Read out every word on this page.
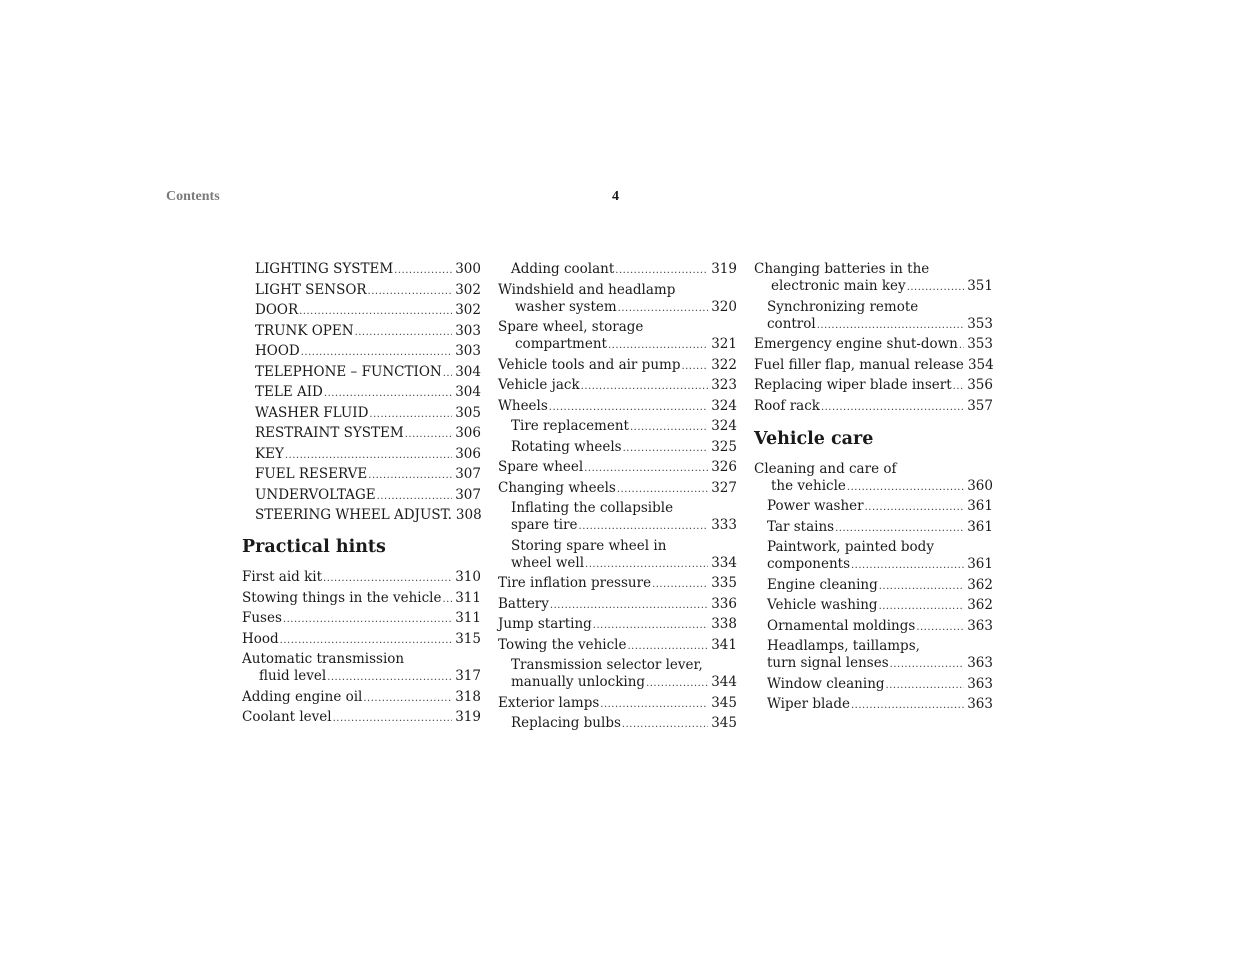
Contents	4
LIGHTING SYSTEM .....	300
LIGHT SENSOR .....	302
DOOR .....	302
TRUNK OPEN .....	303
HOOD .....	303
TELEPHONE – FUNCTION ..... 304
TELE AID .....	304
WASHER FLUID .....	305
RESTRAINT SYSTEM .....	306
KEY .....	306
FUEL RESERVE .....	307
UNDERVOLTAGE .....	307
STEERING WHEEL ADJUST. 308
Practical hints
First aid kit .....	310
Stowing things in the vehicle ..... 311
Fuses .....	311
Hood .....	315
Automatic transmission
fluid level .....	317
Adding engine oil .....	318
Coolant level .....	319
Adding coolant .....	319
Windshield and headlamp
washer system .....	320
Spare wheel, storage
compartment .....	321
Vehicle tools and air pump ..... 322
Vehicle jack .....	323
Wheels .....	324
Tire replacement .....	324
Rotating wheels .....	325
Spare wheel .....	326
Changing wheels .....	327
Inflating the collapsible
spare tire .....	333
Storing spare wheel in
wheel well .....	334
Tire inflation pressure .....	335
Battery .....	336
Jump starting .....	338
Towing the vehicle .....	341
Transmission selector lever,
manually unlocking .....	344
Exterior lamps .....	345
Replacing bulbs .....	345
Changing batteries in the
electronic main key .....	351
Synchronizing remote
control .....	353
Emergency engine shut-down ..... 353
Fuel filler flap, manual release 354
Replacing wiper blade insert ..... 356
Roof rack .....	357
Vehicle care
Cleaning and care of
the vehicle .....	360
Power washer .....	361
Tar stains .....	361
Paintwork, painted body
components .....	361
Engine cleaning .....	362
Vehicle washing .....	362
Ornamental moldings .....	363
Headlamps, taillamps,
turn signal lenses .....	363
Window cleaning .....	363
Wiper blade .....	363
